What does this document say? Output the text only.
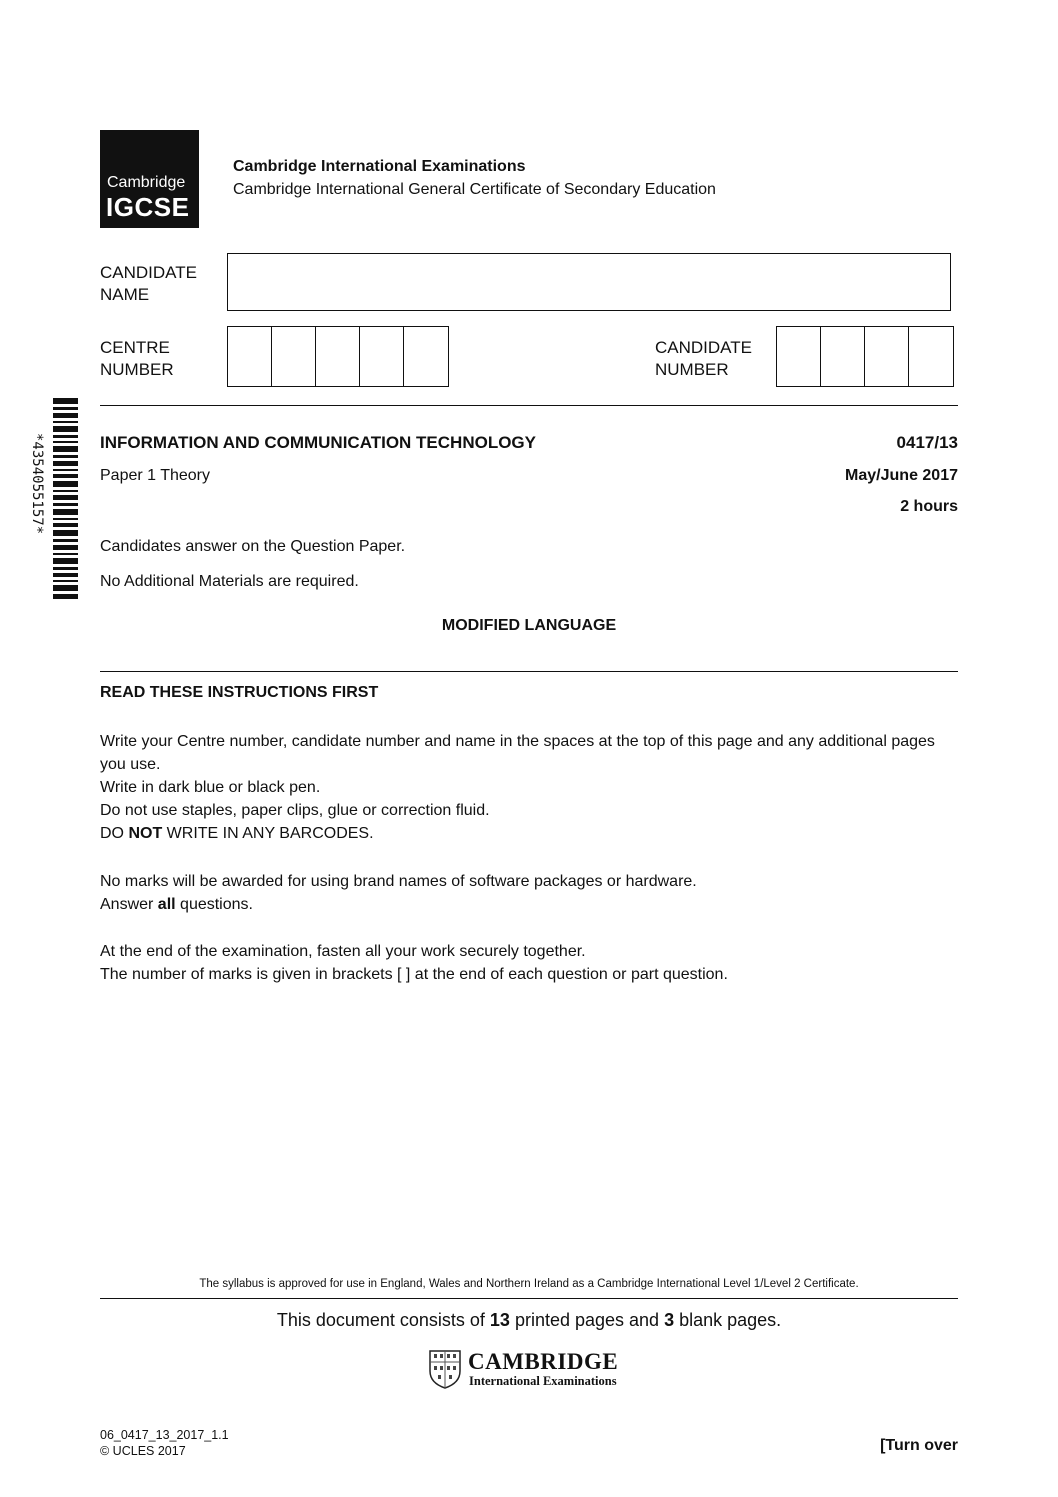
Cambridge
IGCSE
Cambridge International Examinations
Cambridge International General Certificate of Secondary Education
CANDIDATE
NAME
CENTRE
NUMBER
CANDIDATE
NUMBER
*4354055157*	INFORMATION AND COMMUNICATION TECHNOLOGY	0417/13
Paper 1 Theory	May/June 2017
2 hours
Candidates answer on the Question Paper.
No Additional Materials are required.
MODIFIED LANGUAGE
READ THESE INSTRUCTIONS FIRST
Write your Centre number, candidate number and name in the spaces at the top of this page and any additional pages you use.
Write in dark blue or black pen.
Do not use staples, paper clips, glue or correction fluid.
DO NOT WRITE IN ANY BARCODES.
No marks will be awarded for using brand names of software packages or hardware.
Answer all questions.
At the end of the examination, fasten all your work securely together.
The number of marks is given in brackets [ ] at the end of each question or part question.
The syllabus is approved for use in England, Wales and Northern Ireland as a Cambridge International Level 1/Level 2 Certificate.
This document consists of 13 printed pages and 3 blank pages.
CAMBRIDGE
International Examinations
06_0417_13_2017_1.1
© UCLES 2017	[Turn over
